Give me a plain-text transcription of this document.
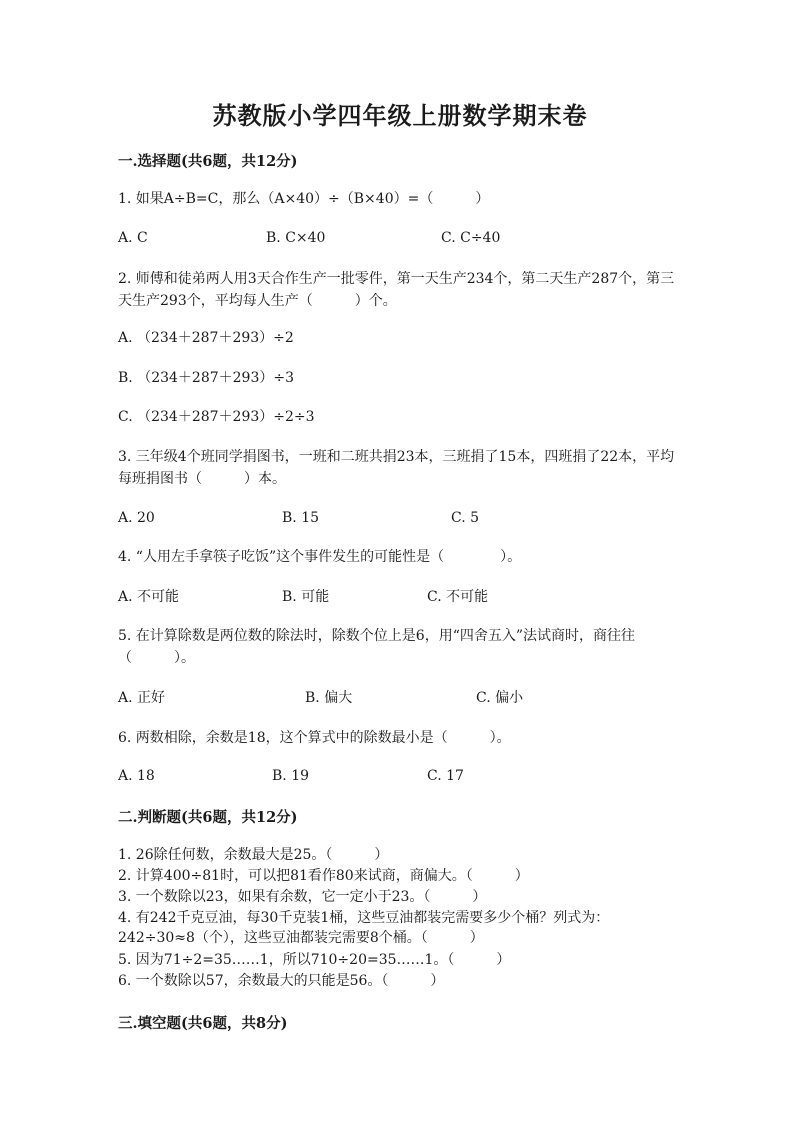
苏教版小学四年级上册数学期末卷
一.选择题(共6题，共12分)
1. 如果A÷B=C，那么（A×40）÷（B×40）=（　　　）
A. C	B. C×40	C. C÷40
2. 师傅和徒弟两人用3天合作生产一批零件，第一天生产234个，第二天生产287个，第三天生产293个，平均每人生产（　　　）个。
A. （234＋287＋293）÷2
B. （234＋287＋293）÷3
C. （234＋287＋293）÷2÷3
3. 三年级4个班同学捐图书，一班和二班共捐23本，三班捐了15本，四班捐了22本，平均每班捐图书（　　　）本。
A. 20	B. 15	C. 5
4. “人用左手拿筷子吃饭”这个事件发生的可能性是（　　　　）。
A. 不可能	B. 可能	C. 不可能
5. 在计算除数是两位数的除法时，除数个位上是6，用“四舍五入”法试商时，商往往（　　　）。
A. 正好	B. 偏大	C. 偏小
6. 两数相除，余数是18，这个算式中的除数最小是（　　　）。
A. 18	B. 19	C. 17
二.判断题(共6题，共12分)
1. 26除任何数，余数最大是25。（　　　）
2. 计算400÷81时，可以把81看作80来试商，商偏大。（　　　）
3. 一个数除以23，如果有余数，它一定小于23。（　　　）
4. 有242千克豆油，每30千克装1桶，这些豆油都装完需要多少个桶？列式为：242÷30≈8（个），这些豆油都装完需要8个桶。（　　　）
5. 因为71÷2=35……1，所以710÷20=35……1。（　　　）
6. 一个数除以57，余数最大的只能是56。（　　　）
三.填空题(共6题，共8分)
